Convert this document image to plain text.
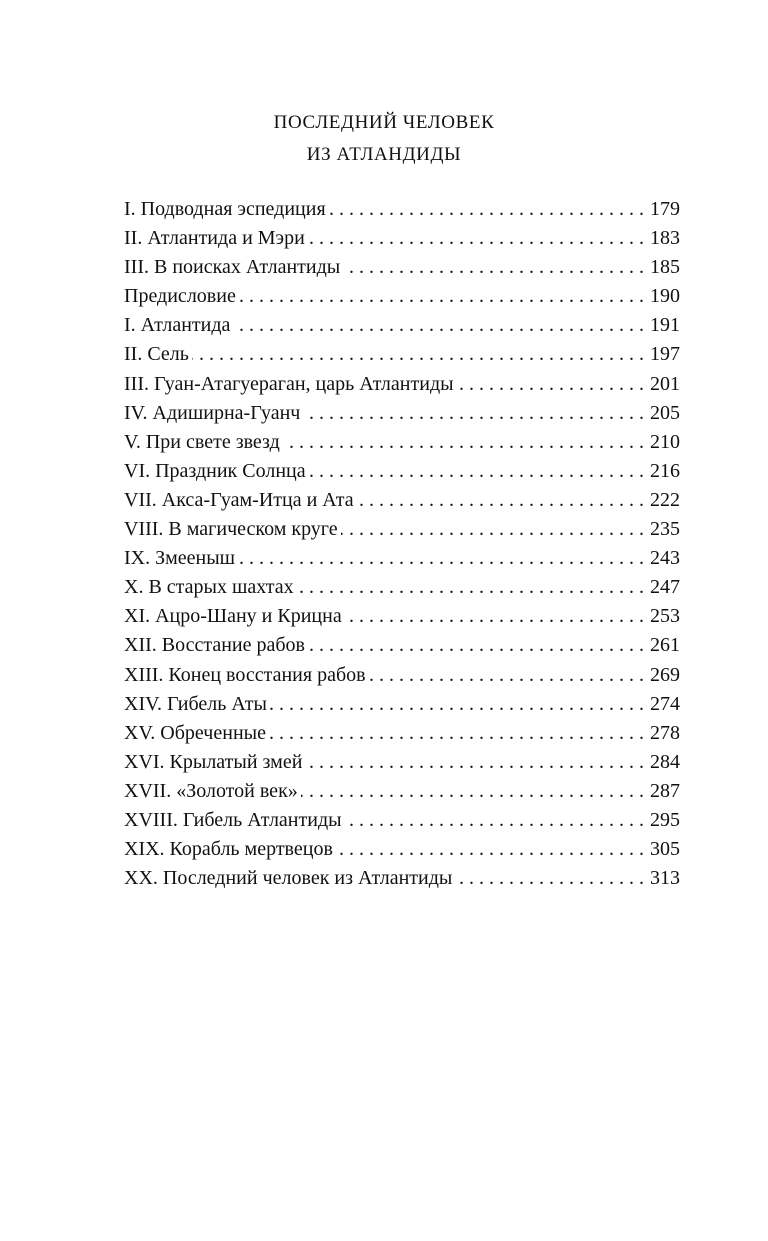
ПОСЛЕДНИЙ ЧЕЛОВЕК
ИЗ АТЛАНДИДЫ
I. Подводная эспедиция . . .	179
II. Атлантида и Мэри . . .	183
III. В поисках Атлантиды . . .	185
Предисловие . . .	190
I. Атлантида . . .	191
II. Сель . . .	197
III. Гуан-Атагуераган, царь Атлантиды . . .	201
IV. Адиширна-Гуанч . . .	205
V. При свете звезд . . .	210
VI. Праздник Солнца . . .	216
VII. Акса-Гуам-Итца и Ата . . .	222
VIII. В магическом круге . . .	235
IX. Змееныш . . .	243
X. В старых шахтах . . .	247
XI. Ацро-Шану и Крицна . . .	253
XII. Восстание рабов . . .	261
XIII. Конец восстания рабов . . .	269
XIV. Гибель Аты . . .	274
XV. Обреченные . . .	278
XVI. Крылатый змей . . .	284
XVII. «Золотой век» . . .	287
XVIII. Гибель Атлантиды . . .	295
XIX. Корабль мертвецов . . .	305
XX. Последний человек из Атлантиды . . .	313
